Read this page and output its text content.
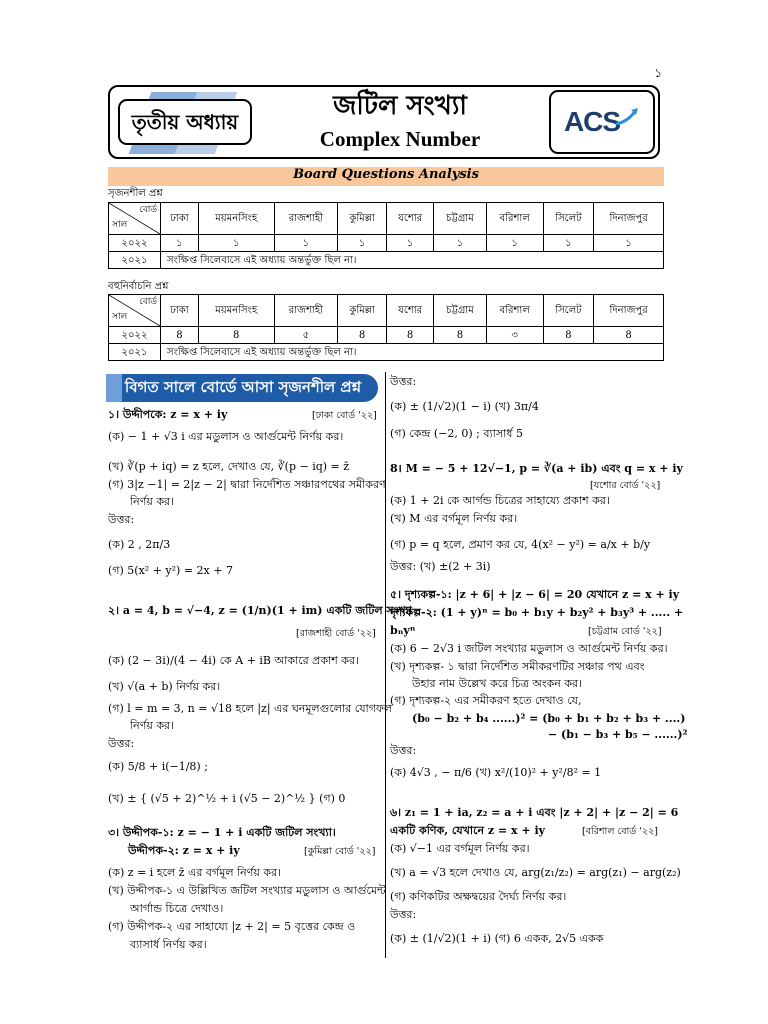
১
তৃতীয় অধ্যায়
জটিল সংখ্যা
Complex Number
ACS
Board Questions Analysis
সৃজনশীল প্রশ্ন
বোর্ড
সাল	ঢাকা	ময়মনসিংহ	রাজশাহী	কুমিল্লা	যশোর	চট্টগ্রাম	বরিশাল	সিলেট	দিনাজপুর
২০২২	১	১	১	১	১	১	১	১	১
২০২১	সংক্ষিপ্ত সিলেবাসে এই অধ্যায় অন্তর্ভুক্ত ছিল না।								
বহুনির্বাচনি প্রশ্ন
বোর্ড
সাল	ঢাকা	ময়মনসিংহ	রাজশাহী	কুমিল্লা	যশোর	চট্টগ্রাম	বরিশাল	সিলেট	দিনাজপুর
২০২২	8	8	৫	8	8	8	৩	8	8
২০২১	সংক্ষিপ্ত সিলেবাসে এই অধ্যায় অন্তর্ভুক্ত ছিল না।								
বিগত সালে বোর্ডে আসা সৃজনশীল প্রশ্ন
১। উদ্দীপকে: z = x + iy	[ঢাকা বোর্ড '২২]
(ক) − 1 + √3 i এর মডুলাস ও আর্গুমেন্ট নির্ণয় কর।
(খ) ∛(p + iq) = z হলে, দেখাও যে, ∛(p − iq) = z̄
(গ) 3|z −1| = 2|z − 2| দ্বারা নির্দেশিত সঞ্চারপথের সমীকরণ
নির্ণয় কর।
উত্তর:
(ক) 2 , 2π/3
(গ) 5(x² + y²) = 2x + 7
২। a = 4, b = √−4, z = (1/n)(1 + im) একটি জটিল সংখ্যা
[রাজশাহী বোর্ড '২২]
(ক) (2 − 3i)/(4 − 4i) কে A + iB আকারে প্রকাশ কর।
(খ) √(a + b) নির্ণয় কর।
(গ) l = m = 3, n = √18 হলে |z| এর ঘনমূলগুলোর যোগফল
নির্ণয় কর।
উত্তর:
(ক) 5/8 + i(−1/8) ;
(খ) ± { (√5 + 2)^½ + i (√5 − 2)^½ } (গ) 0
৩। উদ্দীপক-১: z = − 1 + i একটি জটিল সংখ্যা।
উদ্দীপক-২: z = x + iy	[কুমিল্লা বোর্ড '২২]
(ক) z = i হলে z̄ এর বর্গমূল নির্ণয় কর।
(খ) উদ্দীপক-১ এ উল্লিখিত জটিল সংখ্যার মডুলাস ও আর্গুমেন্ট
আর্গান্ড চিত্রে দেখাও।
(গ) উদ্দীপক-২ এর সাহায্যে |z + 2| = 5 বৃত্তের কেন্দ্র ও
ব্যাসার্ধ নির্ণয় কর।
উত্তর:
(ক) ± (1/√2)(1 − i) (খ) 3π/4
(গ) কেন্দ্র (−2, 0) ; ব্যাসার্ধ 5
8। M = − 5 + 12√−1, p = ∛(a + ib) এবং q = x + iy
[যশোর বোর্ড '২২]
(ক) 1 + 2i কে আর্গন্ড চিত্রের সাহায্যে প্রকাশ কর।
(খ) M এর বর্গমূল নির্ণয় কর।
(গ) p = q হলে, প্রমাণ কর যে, 4(x² − y²) = a/x + b/y
উত্তর: (খ) ±(2 + 3i)
৫। দৃশ্যকল্প-১: |z + 6| + |z − 6| = 20 যেখানে z = x + iy
দৃশ্যকল্প-২: (1 + y)ⁿ = b₀ + b₁y + b₂y² + b₃y³ + ..... +
bₙyⁿ	[চট্টগ্রাম বোর্ড '২২]
(ক) 6 − 2√3 i জটিল সংখ্যার মডুলাস ও আর্গুমেন্ট নির্ণয় কর।
(খ) দৃশ্যকল্প- ১ দ্বারা নির্দেশিত সমীকরণটির সঞ্চার পথ এবং
উহার নাম উল্লেখ করে চিত্র অংকন কর।
(গ) দৃশ্যকল্প-২ এর সমীকরণ হতে দেখাও যে,
(b₀ − b₂ + b₄ ......)² = (b₀ + b₁ + b₂ + b₃ + ....)
− (b₁ − b₃ + b₅ − ......)²
উত্তর:
(ক) 4√3 , − π/6 (খ) x²/(10)² + y²/8² = 1
৬। z₁ = 1 + ia, z₂ = a + i এবং |z + 2| + |z − 2| = 6
একটি কণিক, যেখানে z = x + iy	[বরিশাল বোর্ড '২২]
(ক) √−1 এর বর্গমূল নির্ণয় কর।
(খ) a = √3 হলে দেখাও যে, arg(z₁/z₂) = arg(z₁) − arg(z₂)
(গ) কণিকটির অক্ষদ্বয়ের দৈর্ঘ্য নির্ণয় কর।
উত্তর:
(ক) ± (1/√2)(1 + i) (গ) 6 একক, 2√5 একক
